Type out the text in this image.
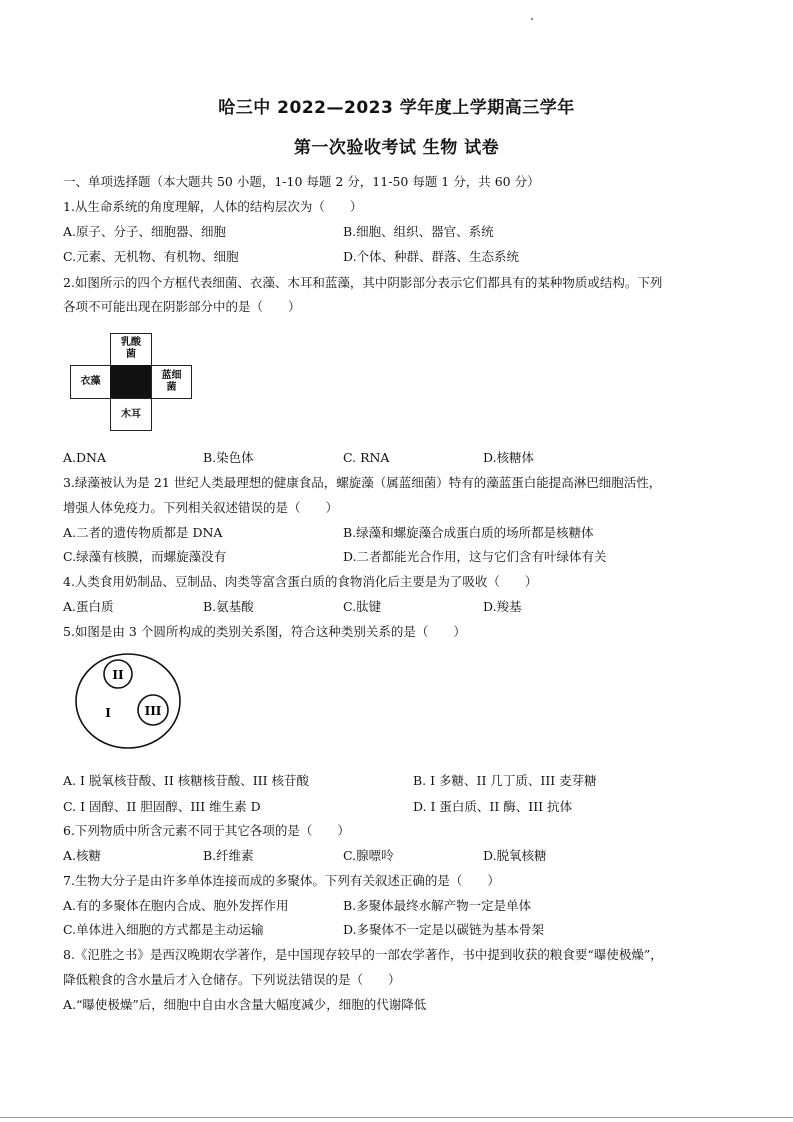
哈三中 2022—2023 学年度上学期高三学年
第一次验收考试 生物 试卷
一、单项选择题（本大题共 50 小题，1-10 每题 2 分，11-50 每题 1 分，共 60 分）
1.从生命系统的角度理解，人体的结构层次为（　　）
A.原子、分子、细胞器、细胞	B.细胞、组织、器官、系统
C.元素、无机物、有机物、细胞	D.个体、种群、群落、生态系统
2.如图所示的四个方框代表细菌、衣藻、木耳和蓝藻，其中阴影部分表示它们都具有的某种物质或结构。下列
各项不可能出现在阴影部分中的是（　　）
乳酸
菌
衣藻
蓝细
菌
木耳
A.DNA	B.染色体	C. RNA	D.核糖体
3.绿藻被认为是 21 世纪人类最理想的健康食品，螺旋藻（属蓝细菌）特有的藻蓝蛋白能提高淋巴细胞活性，
增强人体免疫力。下列相关叙述错误的是（　　）
A.二者的遗传物质都是 DNA	B.绿藻和螺旋藻合成蛋白质的场所都是核糖体
C.绿藻有核膜，而螺旋藻没有	D.二者都能光合作用，这与它们含有叶绿体有关
4.人类食用奶制品、豆制品、肉类等富含蛋白质的食物消化后主要是为了吸收（　　）
A.蛋白质	B.氨基酸	C.肽键	D.羧基
5.如图是由 3 个圆所构成的类别关系图，符合这种类别关系的是（　　）
II
III
I
A. I 脱氧核苷酸、II 核糖核苷酸、III 核苷酸	B. I 多糖、II 几丁质、III 麦芽糖
C. I 固醇、II 胆固醇、III 维生素 D	D. I 蛋白质、II 酶、III 抗体
6.下列物质中所含元素不同于其它各项的是（　　）
A.核糖	B.纤维素	C.腺嘌呤	D.脱氧核糖
7.生物大分子是由许多单体连接而成的多聚体。下列有关叙述正确的是（　　）
A.有的多聚体在胞内合成、胞外发挥作用	B.多聚体最终水解产物一定是单体
C.单体进入细胞的方式都是主动运输	D.多聚体不一定是以碳链为基本骨架
8.《氾胜之书》是西汉晚期农学著作，是中国现存较早的一部农学著作，书中提到收获的粮食要“曝使极燥”，
降低粮食的含水量后才入仓储存。下列说法错误的是（　　）
A.“曝使极燥”后，细胞中自由水含量大幅度减少，细胞的代谢降低
